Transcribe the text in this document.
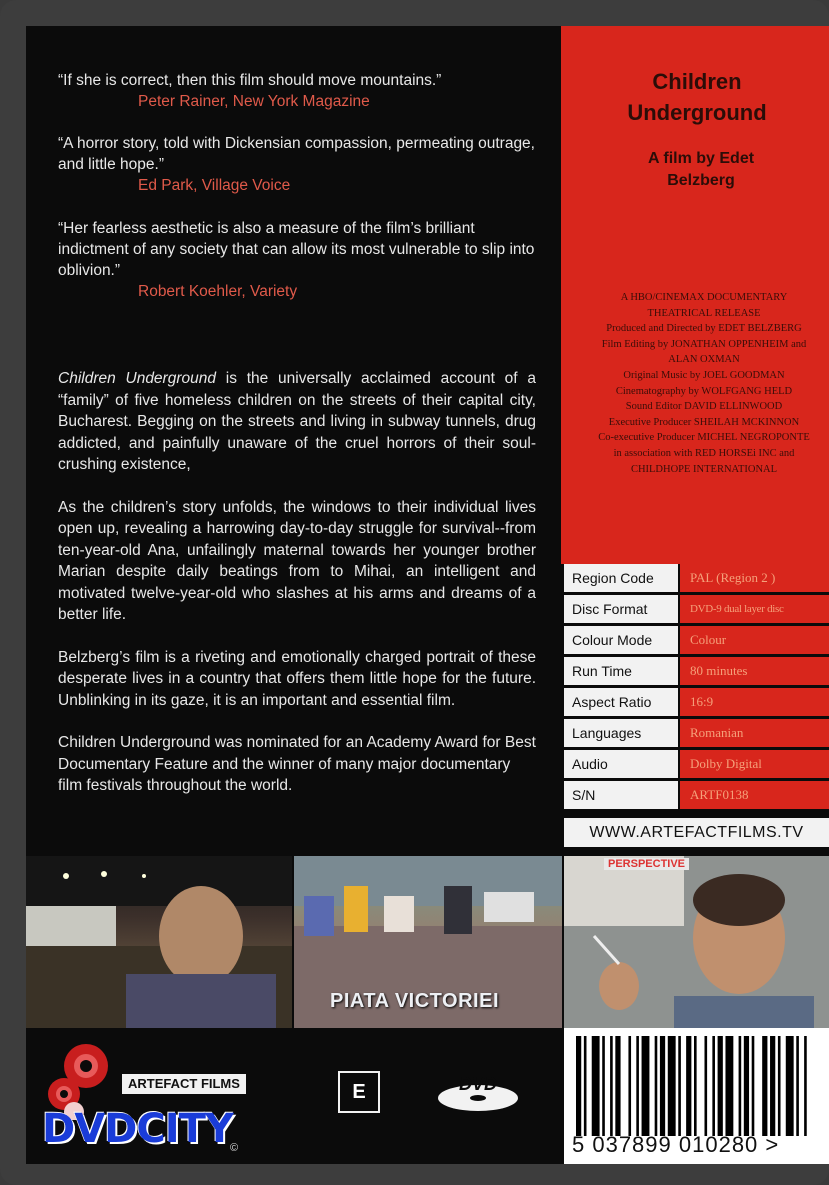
“If she is correct, then this film should move mountains.”
Peter Rainer, New York Magazine
“A horror story, told with Dickensian compassion, permeating outrage, and little hope.”
Ed Park, Village Voice
“Her fearless aesthetic is also a measure of the film’s brilliant indictment of any society that can allow its most vulnerable to slip into oblivion.”
Robert Koehler, Variety

Children Underground is the universally acclaimed account of a “family” of five homeless children on the streets of their capital city, Bucharest. Begging on the streets and living in subway tunnels, drug addicted, and painfully unaware of the cruel horrors of their soul-crushing existence,

As the children’s story unfolds, the windows to their individual lives open up, revealing a harrowing day-to-day struggle for survival--from ten-year-old Ana, unfailingly maternal towards her younger brother Marian despite daily beatings from to Mihai, an intelligent and motivated twelve-year-old who slashes at his arms and dreams of a better life.

Belzberg’s film is a riveting and emotionally charged portrait of these desperate lives in a country that offers them little hope for the future. Unblinking in its gaze, it is an important and essential film.

Children Underground was nominated for an Academy Award for Best Documentary Feature and the winner of many major documentary film festivals throughout the world.

Children Underground
A film by Edet Belzberg
A HBO/CINEMAX DOCUMENTARY
THEATRICAL RELEASE
Produced and Directed by EDET BELZBERG
Film Editing by JONATHAN OPPENHEIM and
ALAN OXMAN
Original Music by JOEL GOODMAN
Cinematography by WOLFGANG HELD
Sound Editor DAVID ELLINWOOD
Executive Producer SHEILAH MCKINNON
Co-executive Producer MICHEL NEGROPONTE
in association with RED HORSEi INC and
CHILDHOPE INTERNATIONAL
Region Code	PAL (Region 2 )
Disc Format	DVD-9 dual layer disc
Colour Mode	Colour
Run Time	80 minutes
Aspect Ratio	16:9
Languages	Romanian
Audio	Dolby Digital
S/N	ARTF0138
WWW.ARTEFACTFILMS.TV
PIATA VICTORIEI
PERSPECTIVE
5 037899 010280 >
ARTEFACT FILMS	E	DVD
DVDCITY
©
